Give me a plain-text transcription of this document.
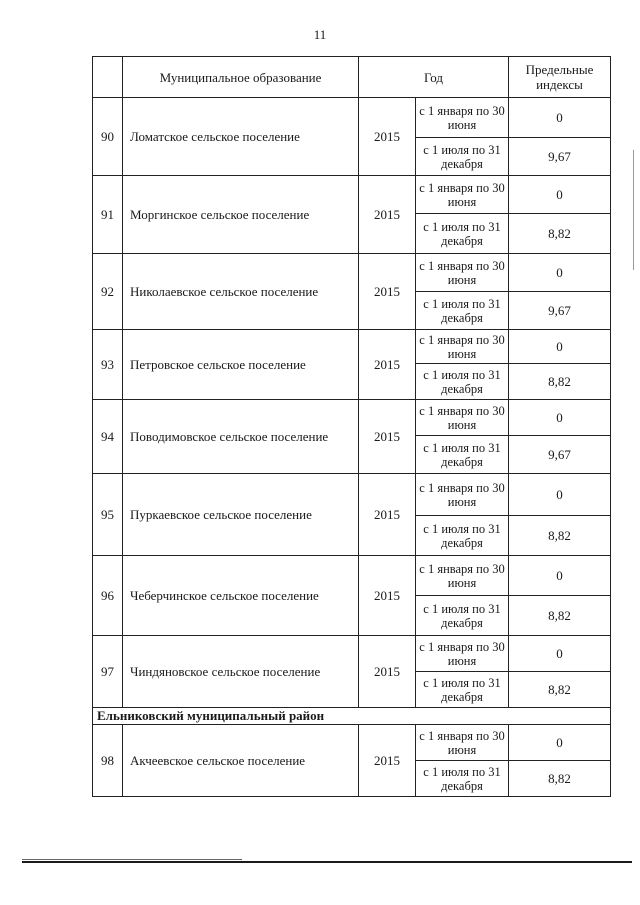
11
	Муниципальное образование	Год		Предельные индексы
90	Ломатское сельское поселение	2015	с 1 января по 30 июня	0
			с 1 июля по 31 декабря	9,67
91	Моргинское сельское поселение	2015	с 1 января по 30 июня	0
			с 1 июля по 31 декабря	8,82
92	Николаевское сельское поселение	2015	с 1 января по 30 июня	0
			с 1 июля по 31 декабря	9,67
93	Петровское сельское поселение	2015	с 1 января по 30 июня	0
			с 1 июля по 31 декабря	8,82
94	Поводимовское сельское поселение	2015	с 1 января по 30 июня	0
			с 1 июля по 31 декабря	9,67
95	Пуркаевское сельское поселение	2015	с 1 января по 30 июня	0
			с 1 июля по 31 декабря	8,82
96	Чеберчинское сельское поселение	2015	с 1 января по 30 июня	0
			с 1 июля по 31 декабря	8,82
97	Чиндяновское сельское поселение	2015	с 1 января по 30 июня	0
			с 1 июля по 31 декабря	8,82
Ельниковский муниципальный район				
98	Акчеевское сельское поселение	2015	с 1 января по 30 июня	0
			с 1 июля по 31 декабря	8,82
